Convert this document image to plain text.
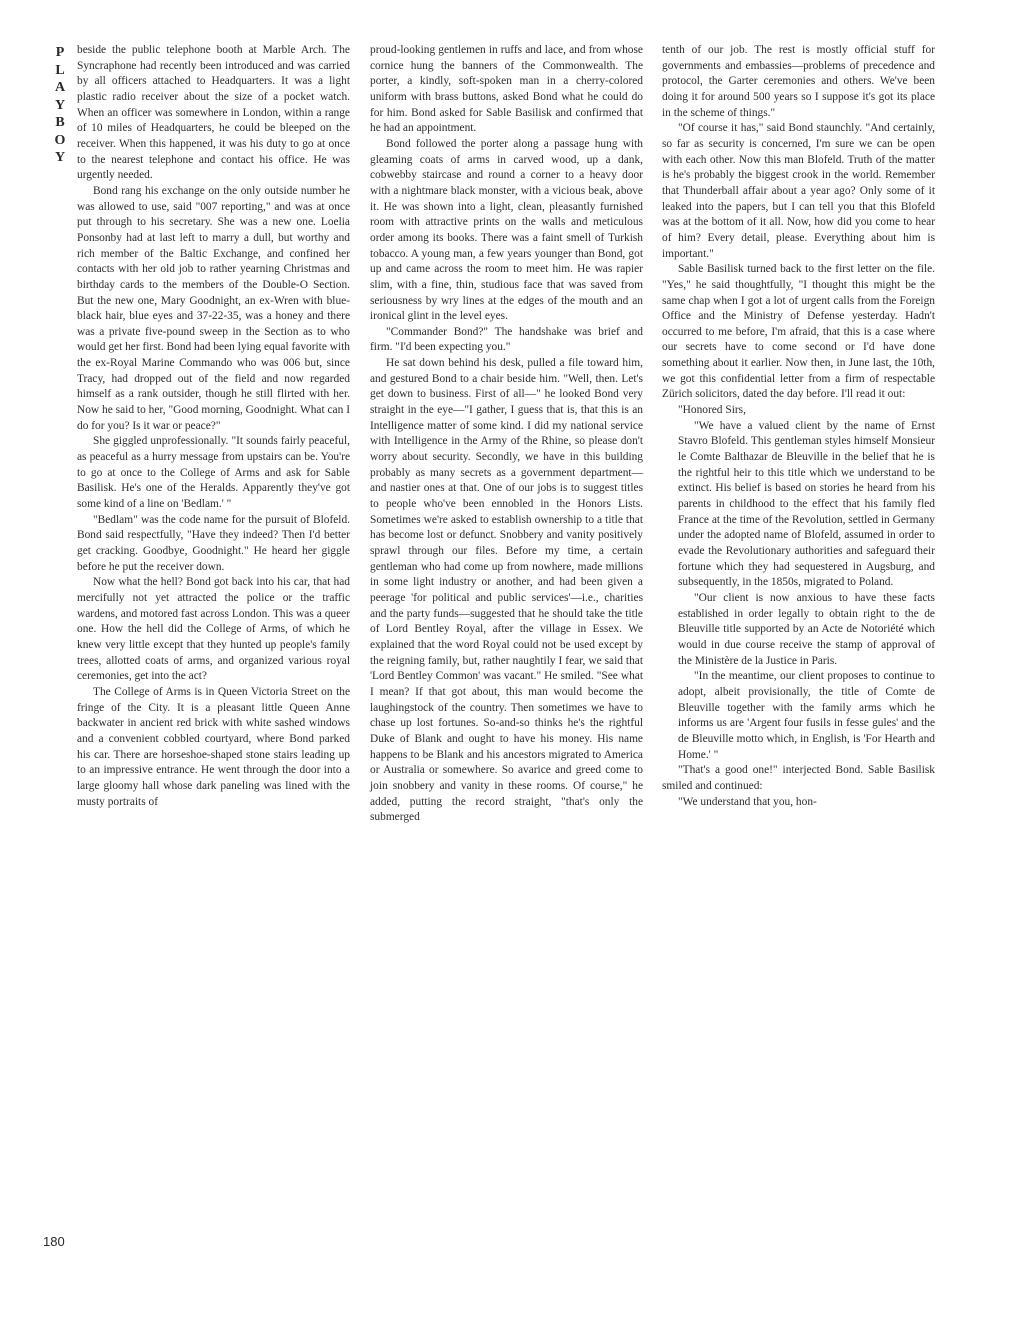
P
L
A
Y
B
O
Y

beside the public telephone booth at Marble Arch. The Syncraphone had recently been introduced and was carried by all officers attached to Headquarters. It was a light plastic radio receiver about the size of a pocket watch. When an officer was somewhere in London, within a range of 10 miles of Headquarters, he could be bleeped on the receiver. When this happened, it was his duty to go at once to the nearest telephone and contact his office. He was urgently needed.

Bond rang his exchange on the only outside number he was allowed to use, said "007 reporting," and was at once put through to his secretary. She was a new one. Loelia Ponsonby had at last left to marry a dull, but worthy and rich member of the Baltic Exchange, and confined her contacts with her old job to rather yearning Christmas and birthday cards to the members of the Double-O Section. But the new one, Mary Goodnight, an ex-Wren with blue-black hair, blue eyes and 37-22-35, was a honey and there was a private five-pound sweep in the Section as to who would get her first. Bond had been lying equal favorite with the ex-Royal Marine Commando who was 006 but, since Tracy, had dropped out of the field and now regarded himself as a rank outsider, though he still flirted with her. Now he said to her, "Good morning, Goodnight. What can I do for you? Is it war or peace?"

She giggled unprofessionally. "It sounds fairly peaceful, as peaceful as a hurry message from upstairs can be. You're to go at once to the College of Arms and ask for Sable Basilisk. He's one of the Heralds. Apparently they've got some kind of a line on 'Bedlam.' "

"Bedlam" was the code name for the pursuit of Blofeld. Bond said respectfully, "Have they indeed? Then I'd better get cracking. Goodbye, Goodnight." He heard her giggle before he put the receiver down.

Now what the hell? Bond got back into his car, that had mercifully not yet attracted the police or the traffic wardens, and motored fast across London. This was a queer one. How the hell did the College of Arms, of which he knew very little except that they hunted up people's family trees, allotted coats of arms, and organized various royal ceremonies, get into the act?

The College of Arms is in Queen Victoria Street on the fringe of the City. It is a pleasant little Queen Anne backwater in ancient red brick with white sashed windows and a convenient cobbled courtyard, where Bond parked his car. There are horseshoe-shaped stone stairs leading up to an impressive entrance. He went through the door into a large gloomy hall whose dark paneling was lined with the musty portraits of

proud-looking gentlemen in ruffs and lace, and from whose cornice hung the banners of the Commonwealth. The porter, a kindly, soft-spoken man in a cherry-colored uniform with brass buttons, asked Bond what he could do for him. Bond asked for Sable Basilisk and confirmed that he had an appointment.

Bond followed the porter along a passage hung with gleaming coats of arms in carved wood, up a dank, cobwebby staircase and round a corner to a heavy door with a nightmare black monster, with a vicious beak, above it. He was shown into a light, clean, pleasantly furnished room with attractive prints on the walls and meticulous order among its books. There was a faint smell of Turkish tobacco. A young man, a few years younger than Bond, got up and came across the room to meet him. He was rapier slim, with a fine, thin, studious face that was saved from seriousness by wry lines at the edges of the mouth and an ironical glint in the level eyes.

"Commander Bond?" The handshake was brief and firm. "I'd been expecting you."

He sat down behind his desk, pulled a file toward him, and gestured Bond to a chair beside him. "Well, then. Let's get down to business. First of all—" he looked Bond very straight in the eye—"I gather, I guess that is, that this is an Intelligence matter of some kind. I did my national service with Intelligence in the Army of the Rhine, so please don't worry about security. Secondly, we have in this building probably as many secrets as a government department—and nastier ones at that. One of our jobs is to suggest titles to people who've been ennobled in the Honors Lists. Sometimes we're asked to establish ownership to a title that has become lost or defunct. Snobbery and vanity positively sprawl through our files. Before my time, a certain gentleman who had come up from nowhere, made millions in some light industry or another, and had been given a peerage 'for political and public services'—i.e., charities and the party funds—suggested that he should take the title of Lord Bentley Royal, after the village in Essex. We explained that the word Royal could not be used except by the reigning family, but, rather naughtily I fear, we said that 'Lord Bentley Common' was vacant." He smiled. "See what I mean? If that got about, this man would become the laughingstock of the country. Then sometimes we have to chase up lost fortunes. So-and-so thinks he's the rightful Duke of Blank and ought to have his money. His name happens to be Blank and his ancestors migrated to America or Australia or somewhere. So avarice and greed come to join snobbery and vanity in these rooms. Of course," he added, putting the record straight, "that's only the submerged

tenth of our job. The rest is mostly official stuff for governments and embassies—problems of precedence and protocol, the Garter ceremonies and others. We've been doing it for around 500 years so I suppose it's got its place in the scheme of things."

"Of course it has," said Bond staunchly. "And certainly, so far as security is concerned, I'm sure we can be open with each other. Now this man Blofeld. Truth of the matter is he's probably the biggest crook in the world. Remember that Thunderball affair about a year ago? Only some of it leaked into the papers, but I can tell you that this Blofeld was at the bottom of it all. Now, how did you come to hear of him? Every detail, please. Everything about him is important."

Sable Basilisk turned back to the first letter on the file. "Yes," he said thoughtfully, "I thought this might be the same chap when I got a lot of urgent calls from the Foreign Office and the Ministry of Defense yesterday. Hadn't occurred to me before, I'm afraid, that this is a case where our secrets have to come second or I'd have done something about it earlier. Now then, in June last, the 10th, we got this confidential letter from a firm of respectable Zürich solicitors, dated the day before. I'll read it out:

"Honored Sirs,

"We have a valued client by the name of Ernst Stavro Blofeld. This gentleman styles himself Monsieur le Comte Balthazar de Bleuville in the belief that he is the rightful heir to this title which we understand to be extinct. His belief is based on stories he heard from his parents in childhood to the effect that his family fled France at the time of the Revolution, settled in Germany under the adopted name of Blofeld, assumed in order to evade the Revolutionary authorities and safeguard their fortune which they had sequestered in Augsburg, and subsequently, in the 1850s, migrated to Poland.

"Our client is now anxious to have these facts established in order legally to obtain right to the de Bleuville title supported by an Acte de Notoriété which would in due course receive the stamp of approval of the Ministère de la Justice in Paris.

"In the meantime, our client proposes to continue to adopt, albeit provisionally, the title of Comte de Bleuville together with the family arms which he informs us are 'Argent four fusils in fesse gules' and the de Bleuville motto which, in English, is 'For Hearth and Home.' "

"That's a good one!" interjected Bond. Sable Basilisk smiled and continued:

"We understand that you, hon-

180
